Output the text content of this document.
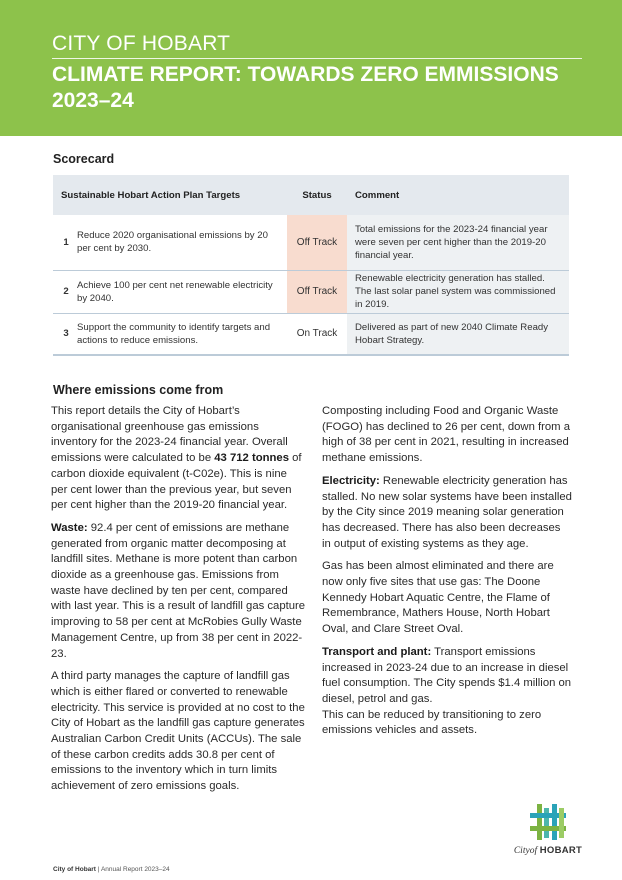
CITY OF HOBART
CLIMATE REPORT: TOWARDS ZERO EMMISSIONS 2023–24
Scorecard
Sustainable Hobart Action Plan Targets		Status	Comment
1	Reduce 2020 organisational emissions by 20 per cent by 2030.	Off Track	Total emissions for the 2023-24 financial year were seven per cent higher than the 2019-20 financial year.
2	Achieve 100 per cent net renewable electricity by 2040.	Off Track	Renewable electricity generation has stalled. The last solar panel system was commissioned in 2019.
3	Support the community to identify targets and actions to reduce emissions.	On Track	Delivered as part of new 2040 Climate Ready Hobart Strategy.
Where emissions come from

This report details the City of Hobart’s organisational greenhouse gas emissions inventory for the 2023-24 financial year. Overall emissions were calculated to be 43 712 tonnes of carbon dioxide equivalent (t-C02e). This is nine per cent lower than the previous year, but seven per cent higher than the 2019-20 financial year.

Waste: 92.4 per cent of emissions are methane generated from organic matter decomposing at landfill sites. Methane is more potent than carbon dioxide as a greenhouse gas. Emissions from waste have declined by ten per cent, compared with last year. This is a result of landfill gas capture improving to 58 per cent at McRobies Gully Waste Management Centre, up from 38 per cent in 2022-23.

A third party manages the capture of landfill gas which is either flared or converted to renewable electricity. This service is provided at no cost to the City of Hobart as the landfill gas capture generates Australian Carbon Credit Units (ACCUs). The sale of these carbon credits adds 30.8 per cent of emissions to the inventory which in turn limits achievement of zero emissions goals.

Composting including Food and Organic Waste (FOGO) has declined to 26 per cent, down from a high of 38 per cent in 2021, resulting in increased methane emissions.

Electricity: Renewable electricity generation has stalled. No new solar systems have been installed by the City since 2019 meaning solar generation has decreased. There has also been decreases in output of existing systems as they age.

Gas has been almost eliminated and there are now only five sites that use gas: The Doone Kennedy Hobart Aquatic Centre, the Flame of Remembrance, Mathers House, North Hobart Oval, and Clare Street Oval.

Transport and plant: Transport emissions increased in 2023-24 due to an increase in diesel fuel consumption. The City spends $1.4 million on diesel, petrol and gas.
This can be reduced by transitioning to zero emissions vehicles and assets.

Cityof HOBART
City of Hobart | Annual Report 2023–24
